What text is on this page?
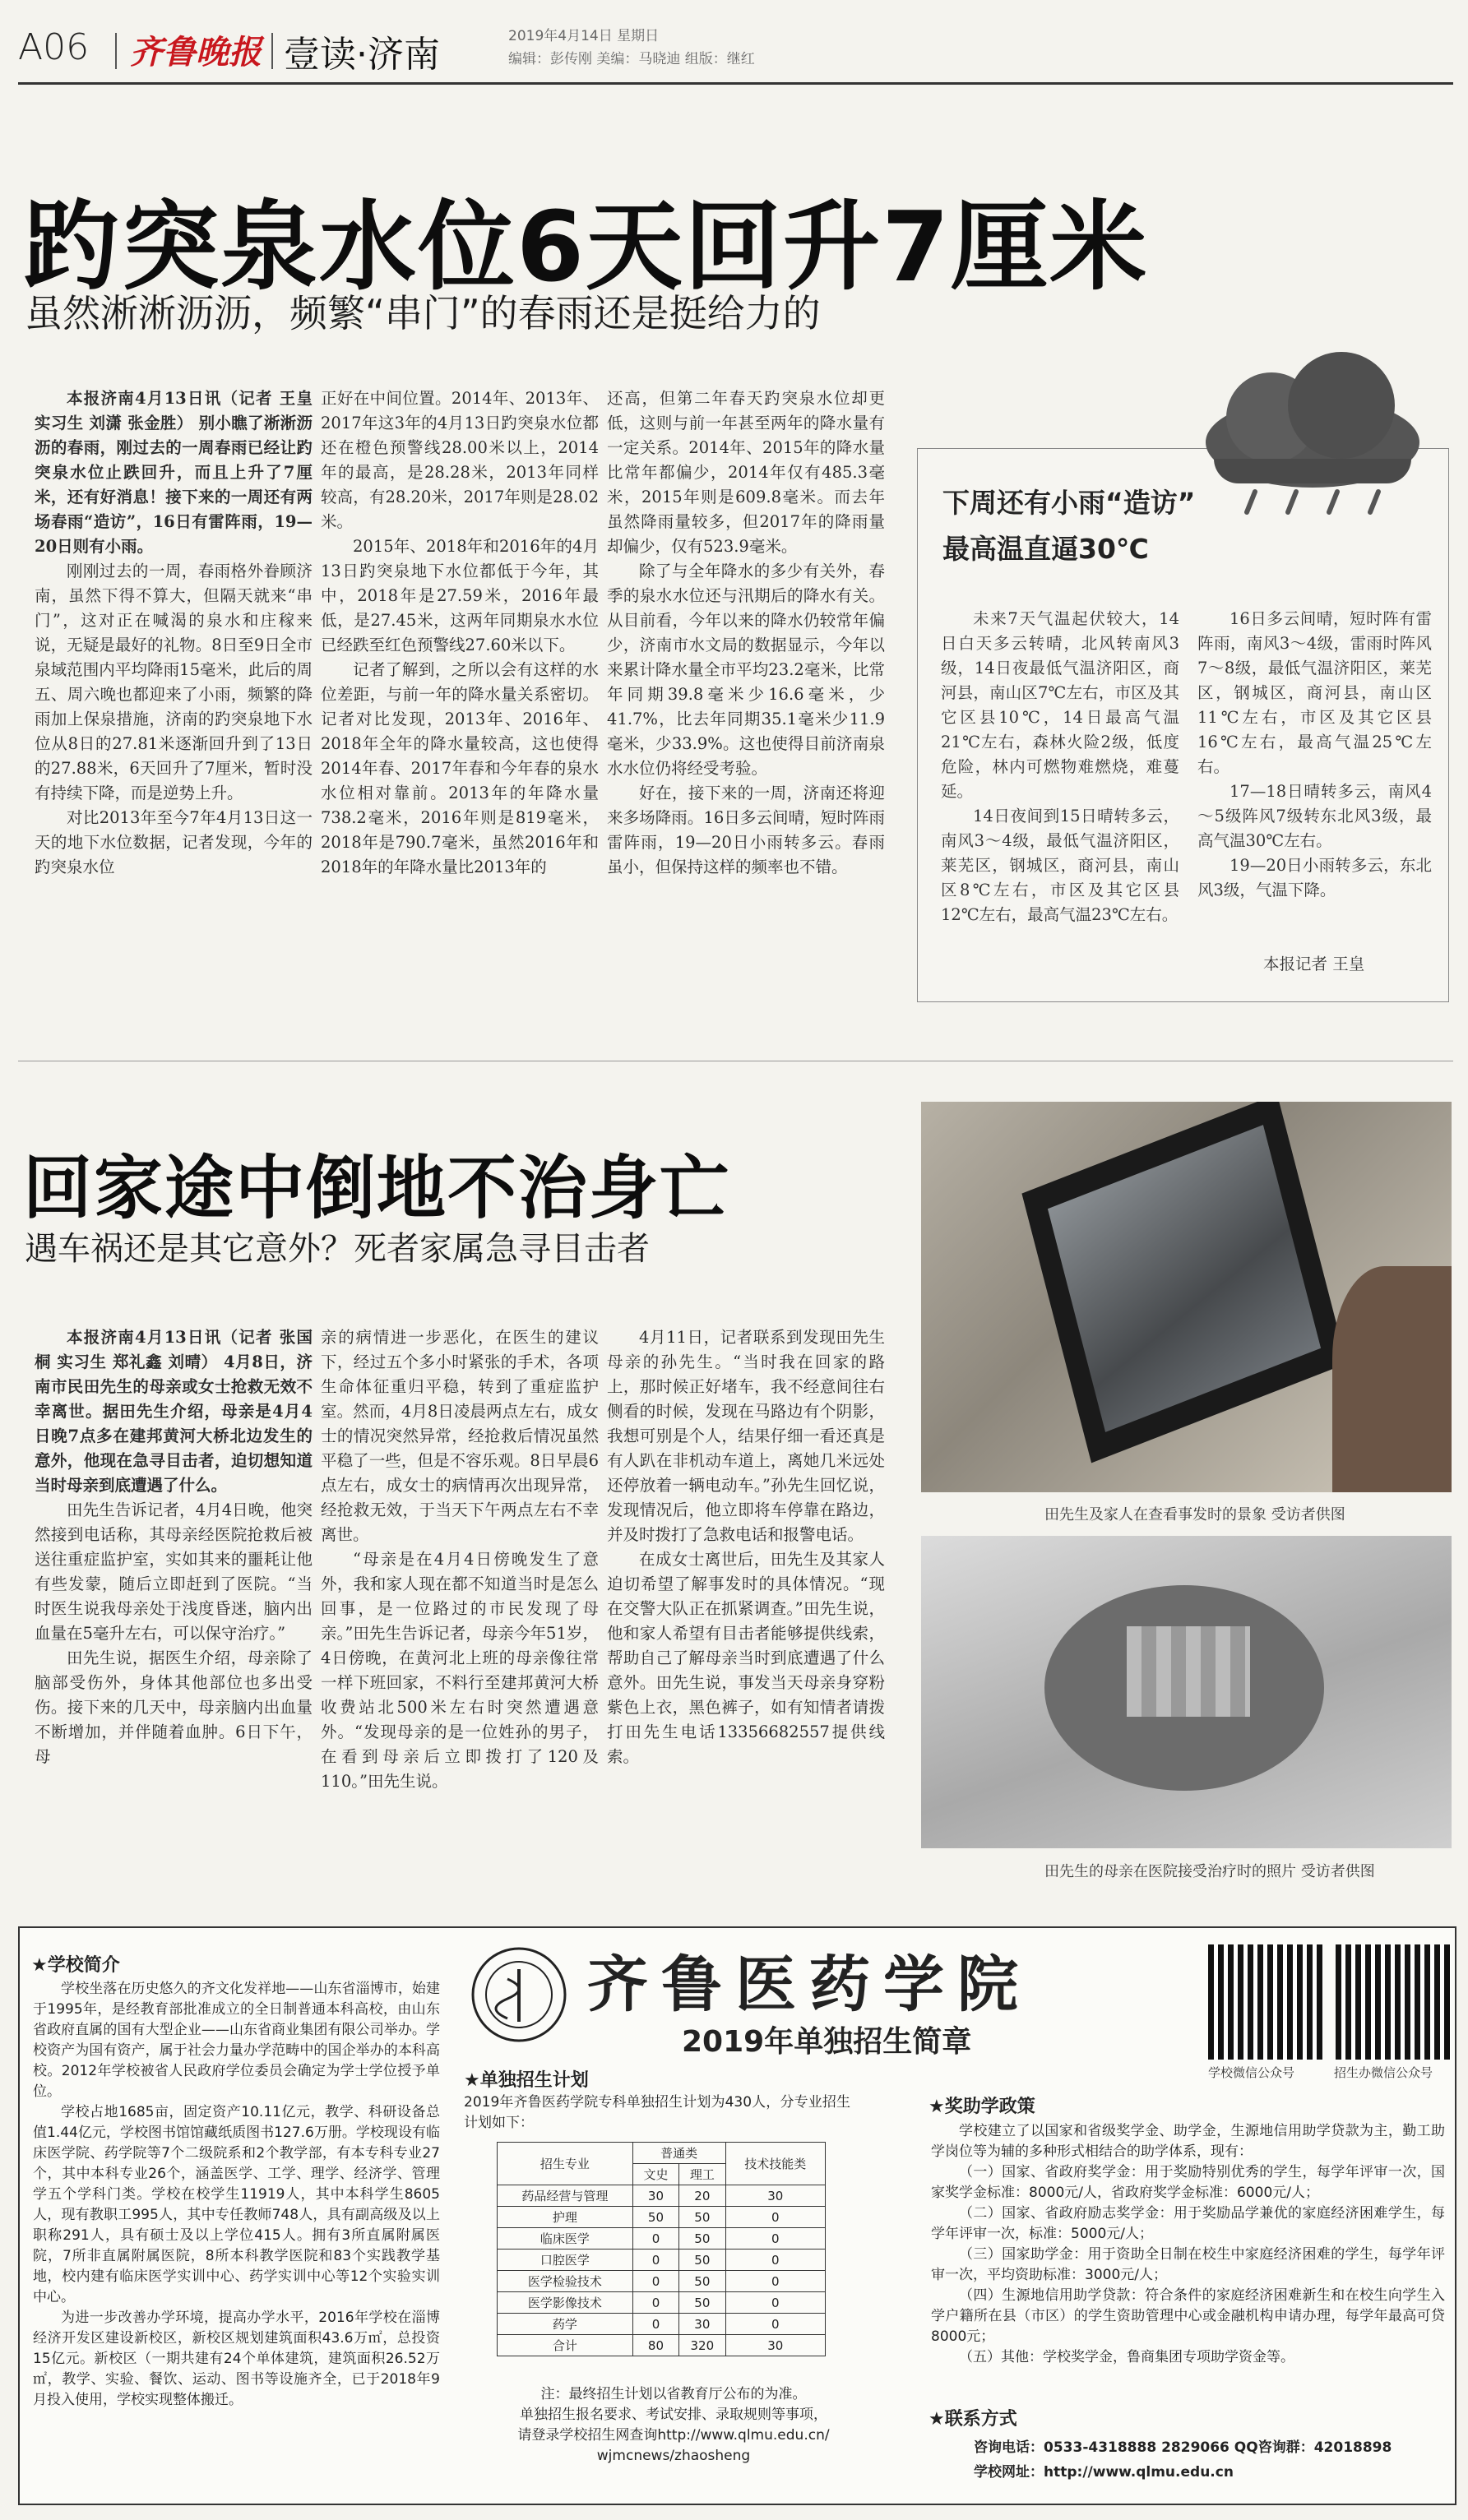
A06 齐鲁晚报 壹读·济南	2019年4月14日 星期日
编辑：彭传刚 美编：马晓迪 组版：继红
趵突泉水位6天回升7厘米
虽然淅淅沥沥，频繁“串门”的春雨还是挺给力的

本报济南4月13日讯（记者 王皇 实习生 刘潇 张金胜） 别小瞧了淅淅沥沥的春雨，刚过去的一周春雨已经让趵突泉水位止跌回升，而且上升了7厘米，还有好消息！接下来的一周还有两场春雨“造访”，16日有雷阵雨，19—20日则有小雨。

刚刚过去的一周，春雨格外眷顾济南，虽然下得不算大，但隔天就来“串门”，这对正在喊渴的泉水和庄稼来说，无疑是最好的礼物。8日至9日全市泉域范围内平均降雨15毫米，此后的周五、周六晚也都迎来了小雨，频繁的降雨加上保泉措施，济南的趵突泉地下水位从8日的27.81米逐渐回升到了13日的27.88米，6天回升了7厘米，暂时没有持续下降，而是逆势上升。

对比2013年至今7年4月13日这一天的地下水位数据，记者发现，今年的趵突泉水位

正好在中间位置。2014年、2013年、2017年这3年的4月13日趵突泉水位都还在橙色预警线28.00米以上，2014年的最高，是28.28米，2013年同样较高，有28.20米，2017年则是28.02米。

2015年、2018年和2016年的4月13日趵突泉地下水位都低于今年，其中，2018年是27.59米，2016年最低，是27.45米，这两年同期泉水水位已经跌至红色预警线27.60米以下。

记者了解到，之所以会有这样的水位差距，与前一年的降水量关系密切。记者对比发现，2013年、2016年、2018年全年的降水量较高，这也使得2014年春、2017年春和今年春的泉水水位相对靠前。2013年的年降水量738.2毫米，2016年则是819毫米，2018年是790.7毫米，虽然2016年和2018年的年降水量比2013年的

还高，但第二年春天趵突泉水位却更低，这则与前一年甚至两年的降水量有一定关系。2014年、2015年的降水量比常年都偏少，2014年仅有485.3毫米，2015年则是609.8毫米。而去年虽然降雨量较多，但2017年的降雨量却偏少，仅有523.9毫米。

除了与全年降水的多少有关外，春季的泉水水位还与汛期后的降水有关。从目前看，今年以来的降水仍较常年偏少，济南市水文局的数据显示，今年以来累计降水量全市平均23.2毫米，比常年同期39.8毫米少16.6毫米，少41.7%，比去年同期35.1毫米少11.9毫米，少33.9%。这也使得目前济南泉水水位仍将经受考验。

好在，接下来的一周，济南还将迎来多场降雨。16日多云间晴，短时阵雨雷阵雨，19—20日小雨转多云。春雨虽小，但保持这样的频率也不错。

下周还有小雨“造访”
最高温直逼30℃

未来7天气温起伏较大，14日白天多云转晴，北风转南风3级，14日夜最低气温济阳区，商河县，南山区7℃左右，市区及其它区县10℃，14日最高气温21℃左右，森林火险2级，低度危险，林内可燃物难燃烧，难蔓延。

14日夜间到15日晴转多云，南风3～4级，最低气温济阳区，莱芜区，钢城区，商河县，南山区8℃左右，市区及其它区县12℃左右，最高气温23℃左右。

16日多云间晴，短时阵有雷阵雨，南风3～4级，雷雨时阵风7～8级，最低气温济阳区，莱芜区，钢城区，商河县，南山区11℃左右，市区及其它区县16℃左右，最高气温25℃左右。

17—18日晴转多云，南风4～5级阵风7级转东北风3级，最高气温30℃左右。

19—20日小雨转多云，东北风3级，气温下降。

本报记者 王皇
回家途中倒地不治身亡
遇车祸还是其它意外？死者家属急寻目击者

本报济南4月13日讯（记者 张国桐 实习生 郑礼鑫 刘晴） 4月8日，济南市民田先生的母亲或女士抢救无效不幸离世。据田先生介绍，母亲是4月4日晚7点多在建邦黄河大桥北边发生的意外，他现在急寻目击者，迫切想知道当时母亲到底遭遇了什么。

田先生告诉记者，4月4日晚，他突然接到电话称，其母亲经医院抢救后被送往重症监护室，实如其来的噩耗让他有些发蒙，随后立即赶到了医院。“当时医生说我母亲处于浅度昏迷，脑内出血量在5毫升左右，可以保守治疗。”

田先生说，据医生介绍，母亲除了脑部受伤外，身体其他部位也多出受伤。接下来的几天中，母亲脑内出血量不断增加，并伴随着血肿。6日下午，母

亲的病情进一步恶化，在医生的建议下，经过五个多小时紧张的手术，各项生命体征重归平稳，转到了重症监护室。然而，4月8日凌晨两点左右，成女士的情况突然异常，经抢救后情况虽然平稳了一些，但是不容乐观。8日早晨6点左右，成女士的病情再次出现异常，经抢救无效，于当天下午两点左右不幸离世。

“母亲是在4月4日傍晚发生了意外，我和家人现在都不知道当时是怎么回事，是一位路过的市民发现了母亲。”田先生告诉记者，母亲今年51岁，4日傍晚，在黄河北上班的母亲像往常一样下班回家，不料行至建邦黄河大桥收费站北500米左右时突然遭遇意外。“发现母亲的是一位姓孙的男子，在看到母亲后立即拨打了120及110。”田先生说。

4月11日，记者联系到发现田先生母亲的孙先生。“当时我在回家的路上，那时候正好堵车，我不经意间往右侧看的时候，发现在马路边有个阴影，我想可别是个人，结果仔细一看还真是有人趴在非机动车道上，离她几米远处还停放着一辆电动车。”孙先生回忆说，发现情况后，他立即将车停靠在路边，并及时拨打了急救电话和报警电话。

在成女士离世后，田先生及其家人迫切希望了解事发时的具体情况。“现在交警大队正在抓紧调查。”田先生说，他和家人希望有目击者能够提供线索，帮助自己了解母亲当时到底遭遇了什么意外。田先生说，事发当天母亲身穿粉紫色上衣，黑色裤子，如有知情者请拨打田先生电话13356682557提供线索。

田先生及家人在查看事发时的景象 受访者供图
田先生的母亲在医院接受治疗时的照片 受访者供图
★学校简介

学校坐落在历史悠久的齐文化发祥地——山东省淄博市，始建于1995年，是经教育部批准成立的全日制普通本科高校，由山东省政府直属的国有大型企业——山东省商业集团有限公司举办。学校资产为国有资产，属于社会力量办学范畴中的国企举办的本科高校。2012年学校被省人民政府学位委员会确定为学士学位授予单位。

学校占地1685亩，固定资产10.11亿元，教学、科研设备总值1.44亿元，学校图书馆馆藏纸质图书127.6万册。学校现设有临床医学院、药学院等7个二级院系和2个教学部，有本专科专业27个，其中本科专业26个，涵盖医学、工学、理学、经济学、管理学五个学科门类。学校在校学生11919人，其中本科学生8605人，现有教职工995人，其中专任教师748人，具有副高级及以上职称291人，具有硕士及以上学位415人。拥有3所直属附属医院，7所非直属附属医院，8所本科教学医院和83个实践教学基地，校内建有临床医学实训中心、药学实训中心等12个实验实训中心。

为进一步改善办学环境，提高办学水平，2016年学校在淄博经济开发区建设新校区，新校区规划建筑面积43.6万㎡，总投资15亿元。新校区（一期共建有24个单体建筑，建筑面积26.52万㎡，教学、实验、餐饮、运动、图书等设施齐全，已于2018年9月投入使用，学校实现整体搬迁。

齐鲁医药学院
2019年单独招生简章
学校微信公众号	招生办微信公众号
★单独招生计划
2019年齐鲁医药学院专科单独招生计划为430人，分专业招生计划如下：
招生专业	普通类		技术技能类
	文史	理工	
药品经营与管理	30	20	30
护理	50	50	0
临床医学	0	50	0
口腔医学	0	50	0
医学检验技术	0	50	0
医学影像技术	0	50	0
药学	0	30	0
合计	80	320	30
注：最终招生计划以省教育厅公布的为准。
单独招生报名要求、考试安排、录取规则等事项，
请登录学校招生网查询http://www.qlmu.edu.cn/
wjmcnews/zhaosheng
★奖助学政策

学校建立了以国家和省级奖学金、助学金，生源地信用助学贷款为主，勤工助学岗位等为辅的多种形式相结合的助学体系，现有：

（一）国家、省政府奖学金：用于奖励特别优秀的学生，每学年评审一次，国家奖学金标准：8000元/人，省政府奖学金标准：6000元/人；

（二）国家、省政府励志奖学金：用于奖励品学兼优的家庭经济困难学生，每学年评审一次，标准：5000元/人；

（三）国家助学金：用于资助全日制在校生中家庭经济困难的学生，每学年评审一次，平均资助标准：3000元/人；

（四）生源地信用助学贷款：符合条件的家庭经济困难新生和在校生向学生入学户籍所在县（市区）的学生资助管理中心或金融机构申请办理，每学年最高可贷8000元；

（五）其他：学校奖学金，鲁商集团专项助学资金等。

★联系方式
咨询电话：0533-4318888 2829066 QQ咨询群：42018898
学校网址：http://www.qlmu.edu.cn
